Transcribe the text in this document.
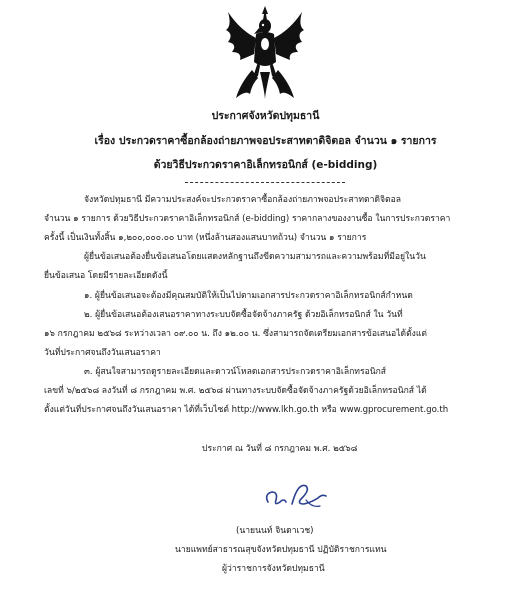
ประกาศจังหวัดปทุมธานี
เรื่อง ประกวดราคาซื้อกล้องถ่ายภาพจอประสาทตาดิจิตอล จำนวน ๑ รายการ
ด้วยวิธีประกวดราคาอิเล็กทรอนิกส์ (e-bidding)
จังหวัดปทุมธานี มีความประสงค์จะประกวดราคาซื้อกล้องถ่ายภาพจอประสาทตาดิจิตอล
จำนวน ๑ รายการ ด้วยวิธีประกวดราคาอิเล็กทรอนิกส์ (e-bidding) ราคากลางของงานซื้อ ในการประกวดราคา
ครั้งนี้ เป็นเงินทั้งสิ้น ๑,๒๐๐,๐๐๐.๐๐ บาท (หนึ่งล้านสองแสนบาทถ้วน) จำนวน ๑ รายการ
ผู้ยื่นข้อเสนอต้องยื่นข้อเสนอโดยแสดงหลักฐานถึงขีดความสามารถและความพร้อมที่มีอยู่ในวัน
ยื่นข้อเสนอ โดยมีรายละเอียดดังนี้
๑. ผู้ยื่นข้อเสนอจะต้องมีคุณสมบัติให้เป็นไปตามเอกสารประกวดราคาอิเล็กทรอนิกส์กำหนด
๒. ผู้ยื่นข้อเสนอต้องเสนอราคาทางระบบจัดซื้อจัดจ้างภาครัฐ ด้วยอิเล็กทรอนิกส์ ใน วันที่
๑๖ กรกฎาคม ๒๕๖๘ ระหว่างเวลา ๐๙.๐๐ น. ถึง ๑๒.๐๐ น. ซึ่งสามารถจัดเตรียมเอกสารข้อเสนอได้ตั้งแต่
วันที่ประกาศจนถึงวันเสนอราคา
๓. ผู้สนใจสามารถดูรายละเอียดและดาวน์โหลดเอกสารประกวดราคาอิเล็กทรอนิกส์
เลขที่ ๖/๒๕๖๘ ลงวันที่ ๘ กรกฎาคม พ.ศ. ๒๕๖๘ ผ่านทางระบบจัดซื้อจัดจ้างภาครัฐด้วยอิเล็กทรอนิกส์ ได้
ตั้งแต่วันที่ประกาศจนถึงวันเสนอราคา ได้ที่เว็บไซต์ http://www.lkh.go.th หรือ www.gprocurement.go.th
ประกาศ ณ วันที่ ๘ กรกฎาคม พ.ศ. ๒๕๖๘
(นายนนท์ จินดาเวช)
นายแพทย์สาธารณสุขจังหวัดปทุมธานี ปฏิบัติราชการแทน
ผู้ว่าราชการจังหวัดปทุมธานี
